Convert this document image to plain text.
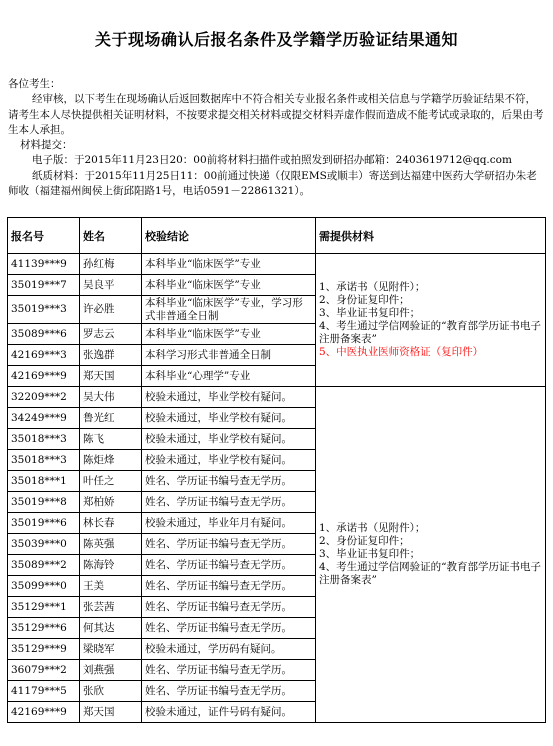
关于现场确认后报名条件及学籍学历验证结果通知

各位考生：

经审核，以下考生在现场确认后返回数据库中不符合相关专业报名条件或相关信息与学籍学历验证结果不符，请考生本人尽快提供相关证明材料，不按要求提交相关材料或提交材料弄虚作假而造成不能考试或录取的，后果由考生本人承担。

材料提交：

电子版：于2015年11月23日20：00前将材料扫描件或拍照发到研招办邮箱：2403619712@qq.com

纸质材料：于2015年11月25日11：00前通过快递（仅限EMS或顺丰）寄送到达福建中医药大学研招办朱老师收（福建福州闽侯上街邱阳路1号，电话0591－22861321）。

报名号	姓名	校验结论	需提供材料
41139***9	孙红梅	本科毕业“临床医学”专业	1、承诺书（见附件）；
2、身份证复印件；
3、毕业证书复印件；
4、考生通过学信网验证的“教育部学历证书电子注册备案表”
5、中医执业医师资格证（复印件）

35019***7	吴良平	本科毕业“临床医学”专业	
35019***3	许必胜	本科毕业“临床医学”专业，学习形式非普通全日制	
35089***6	罗志云	本科毕业“临床医学”专业	
42169***3	张逸群	本科学习形式非普通全日制	
42169***9	郑天国	本科毕业“心理学”专业	
32209***2	吴大伟	校验未通过，毕业学校有疑问。	1、承诺书（见附件）；
2、身份证复印件；
3、毕业证书复印件；
4、考生通过学信网验证的“教育部学历证书电子注册备案表”

34249***9	鲁光红	校验未通过，毕业学校有疑问。	
35018***3	陈飞	校验未通过，毕业学校有疑问。	
35018***3	陈炬烽	校验未通过，毕业学校有疑问。	
35018***1	叶任之	姓名、学历证书编号查无学历。	
35019***8	郑柏娇	姓名、学历证书编号查无学历。	
35019***6	林长春	校验未通过，毕业年月有疑问。	
35039***0	陈英强	姓名、学历证书编号查无学历。	
35089***2	陈海铃	姓名、学历证书编号查无学历。	
35099***0	王美	姓名、学历证书编号查无学历。	
35129***1	张芸茜	姓名、学历证书编号查无学历。	
35129***6	何其达	姓名、学历证书编号查无学历。	
35129***9	梁晓军	校验未通过，学历码有疑问。	
36079***2	刘燕强	姓名、学历证书编号查无学历。	
41179***5	张欣	姓名、学历证书编号查无学历。	
42169***9	郑天国	校验未通过，证件号码有疑问。	
